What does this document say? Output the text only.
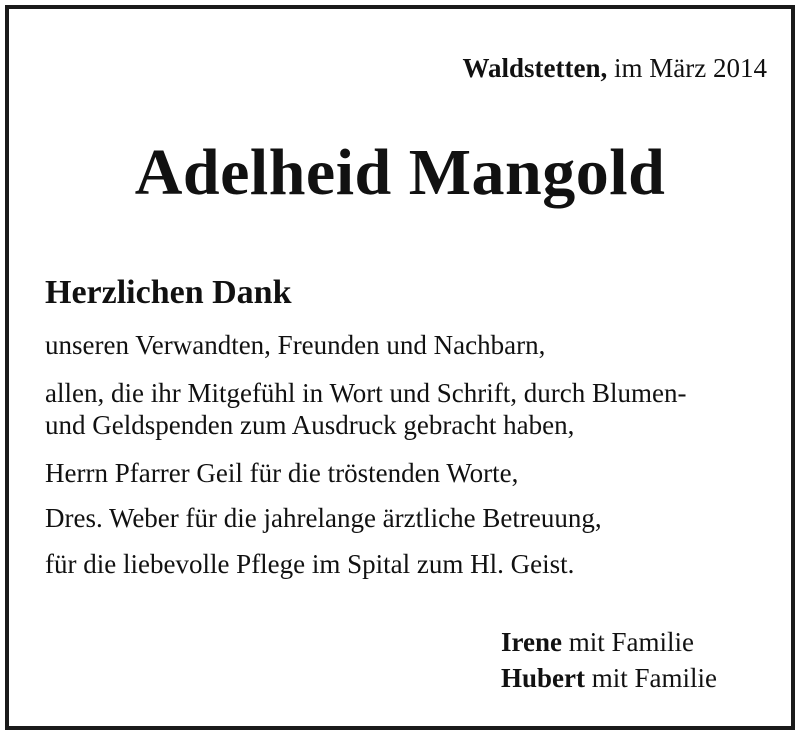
Waldstetten, im März 2014
Adelheid Mangold
Herzlichen Dank
unseren Verwandten, Freunden und Nachbarn,
allen, die ihr Mitgefühl in Wort und Schrift, durch Blumen-
und Geldspenden zum Ausdruck gebracht haben,
Herrn Pfarrer Geil für die tröstenden Worte,
Dres. Weber für die jahrelange ärztliche Betreuung,
für die liebevolle Pflege im Spital zum Hl. Geist.
Irene mit Familie
Hubert mit Familie
